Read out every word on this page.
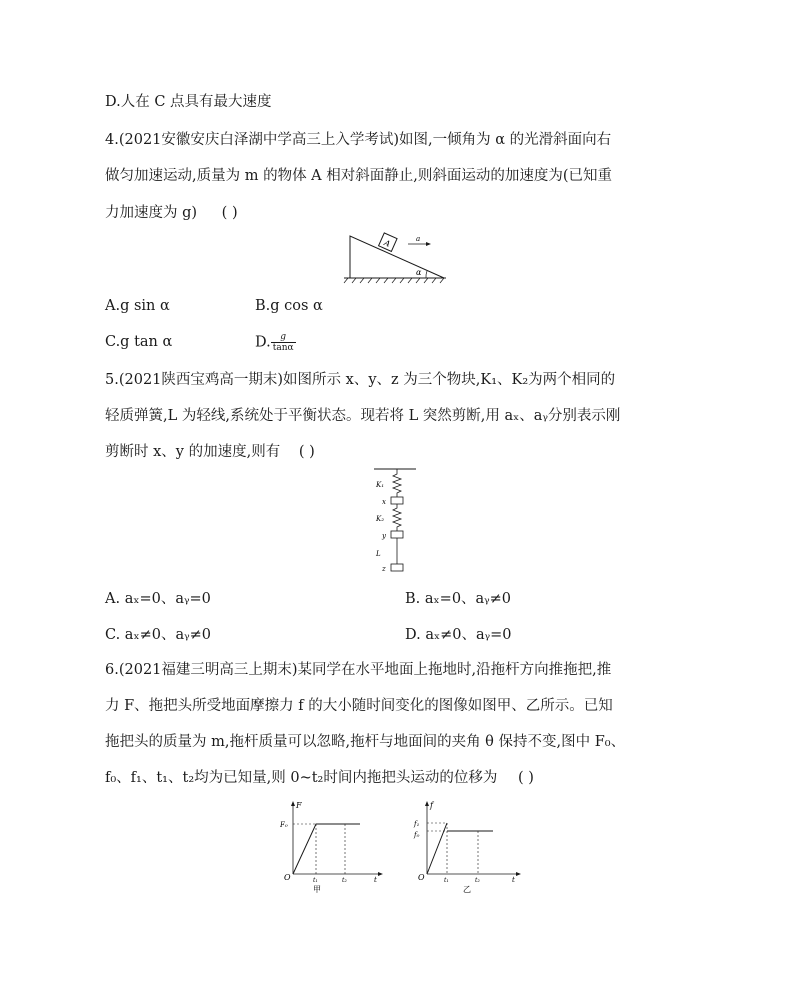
D.人在 C 点具有最大速度
4.(2021安徽安庆白泽湖中学高三上入学考试)如图,一倾角为 α 的光滑斜面向右
做匀加速运动,质量为 m 的物体 A 相对斜面静止,则斜面运动的加速度为(已知重
力加速度为 g) ( )
A	a
α
A.g sin α	B.g cos α
C.g tan α	D. $\frac{g}{\tan\alpha}$
5.(2021陕西宝鸡高一期末)如图所示 x、y、z 为三个物块,K₁、K₂为两个相同的
轻质弹簧,L 为轻线,系统处于平衡状态。现若将 L 突然剪断,用 aₓ、aᵧ分别表示刚
剪断时 x、y 的加速度,则有 ( )
K₁
x
K₂
y
L
z
A. aₓ=0、aᵧ=0	B. aₓ=0、aᵧ≠0
C. aₓ≠0、aᵧ≠0	D. aₓ≠0、aᵧ=0
6.(2021福建三明高三上期末)某同学在水平地面上拖地时,沿拖杆方向推拖把,推
力 F、拖把头所受地面摩擦力 f 的大小随时间变化的图像如图甲、乙所示。已知
拖把头的质量为 m,拖杆质量可以忽略,拖杆与地面间的夹角 θ 保持不变,图中 F₀、
f₀、f₁、t₁、t₂均为已知量,则 0~t₂时间内拖把头运动的位移为 ( )
F
F₀
O	t₁	t₂	t
甲
f
f₁
f₀
O	t₁	t₂	t
乙
